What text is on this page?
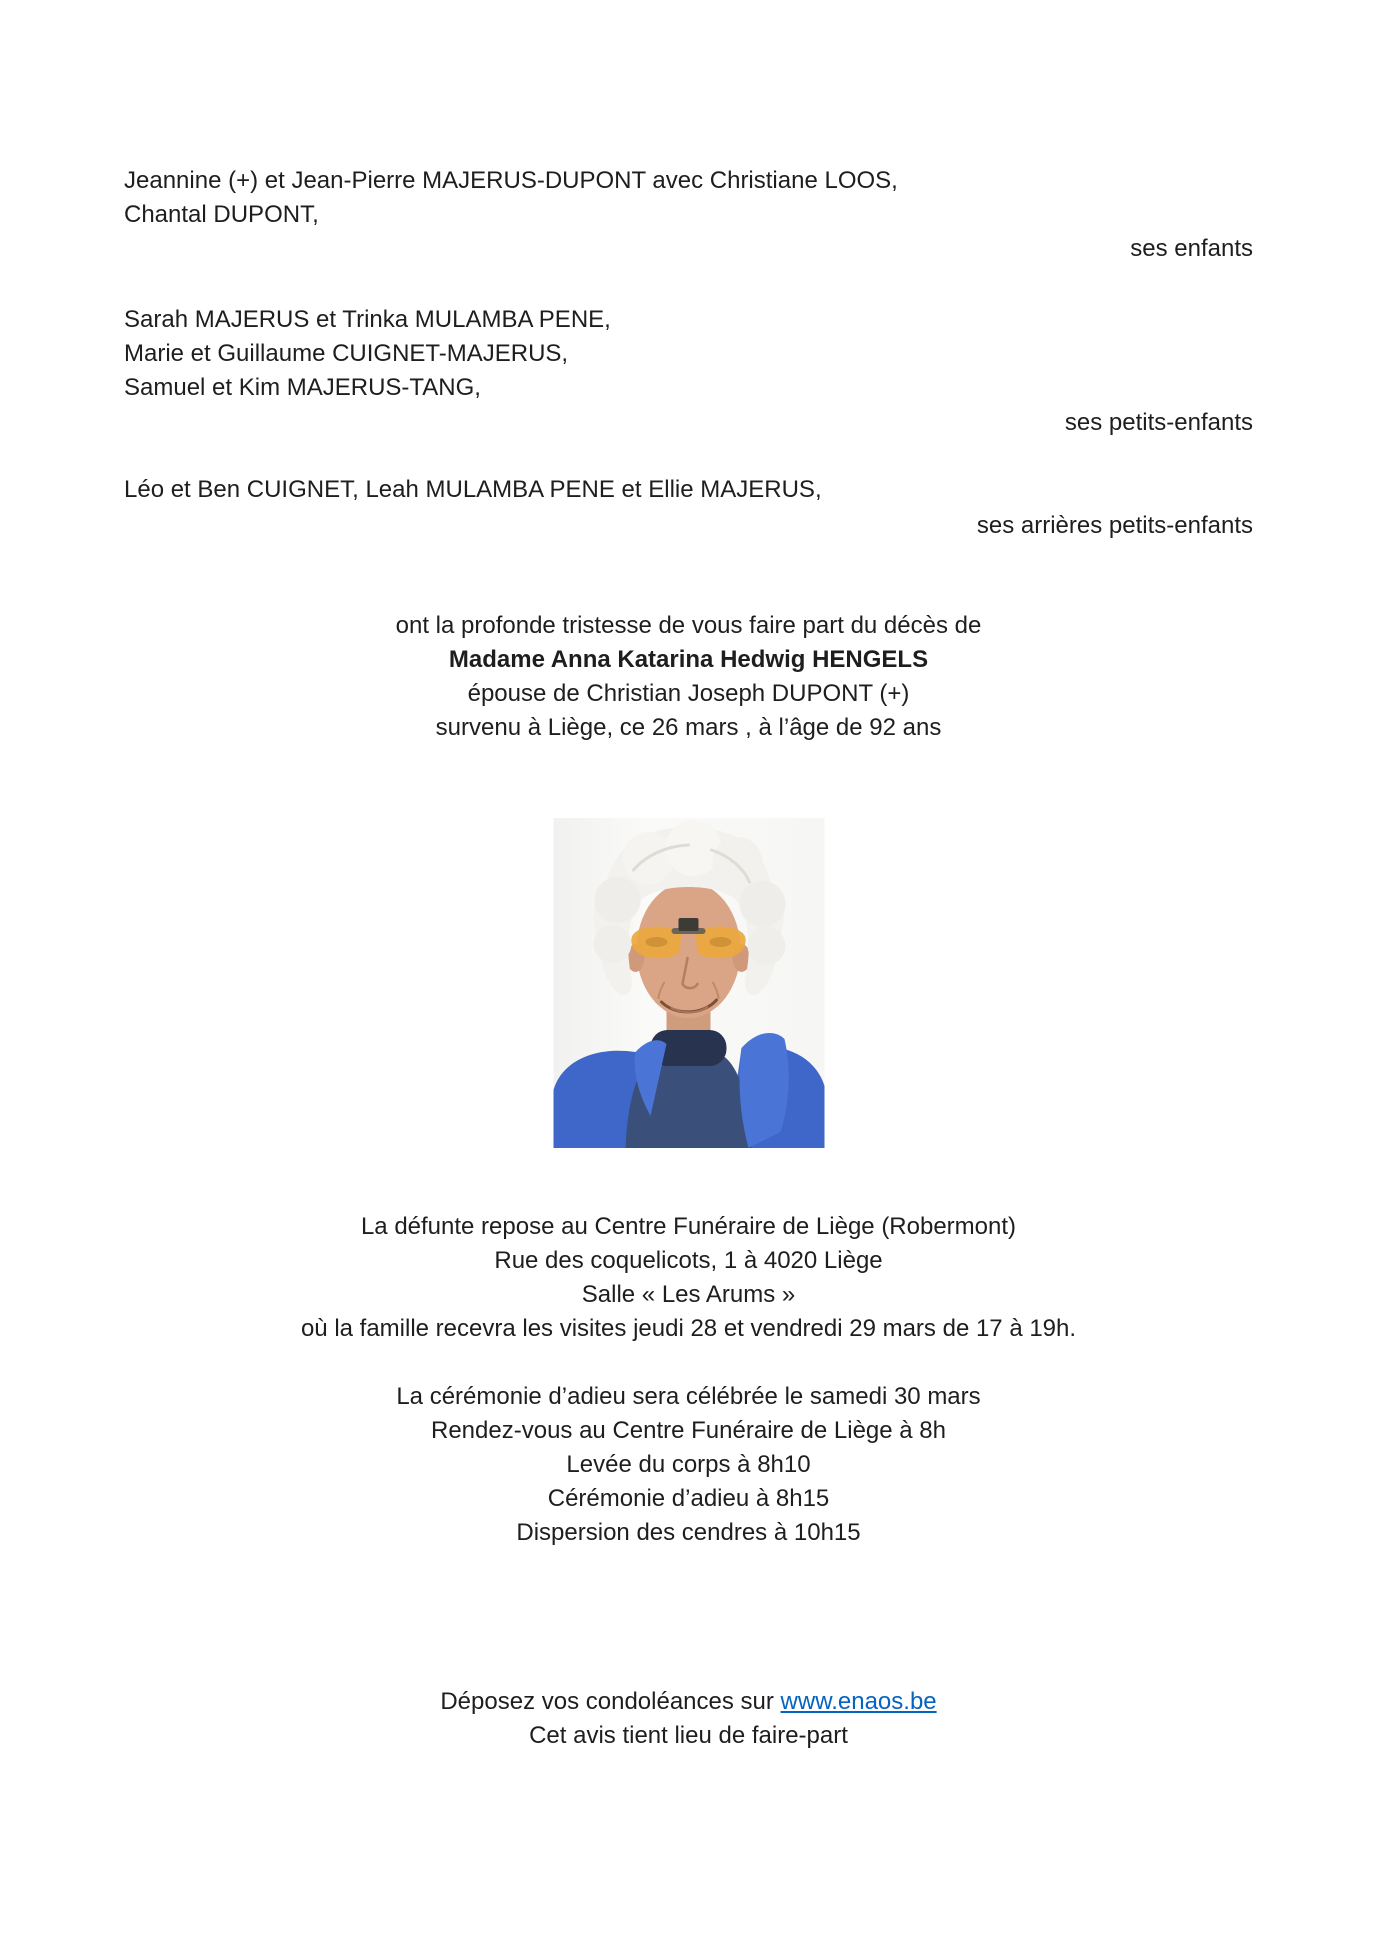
Jeannine (+) et Jean-Pierre MAJERUS-DUPONT avec Christiane LOOS,
Chantal DUPONT,
ses enfants
Sarah MAJERUS et Trinka MULAMBA PENE,
Marie et Guillaume CUIGNET-MAJERUS,
Samuel et Kim MAJERUS-TANG,
ses petits-enfants
Léo et Ben CUIGNET, Leah MULAMBA PENE et Ellie MAJERUS,
ses arrières petits-enfants
ont la profonde tristesse de vous faire part du décès de
Madame Anna Katarina Hedwig HENGELS
épouse de Christian Joseph DUPONT (+)
survenu à Liège, ce 26 mars , à l’âge de 92 ans
La défunte repose au Centre Funéraire de Liège (Robermont)
Rue des coquelicots, 1 à 4020 Liège
Salle « Les Arums »
où la famille recevra les visites jeudi 28 et vendredi 29 mars de 17 à 19h.
La cérémonie d’adieu sera célébrée le samedi 30 mars
Rendez-vous au Centre Funéraire de Liège à 8h
Levée du corps à 8h10
Cérémonie d’adieu à 8h15
Dispersion des cendres à 10h15
Déposez vos condoléances sur www.enaos.be
Cet avis tient lieu de faire-part
